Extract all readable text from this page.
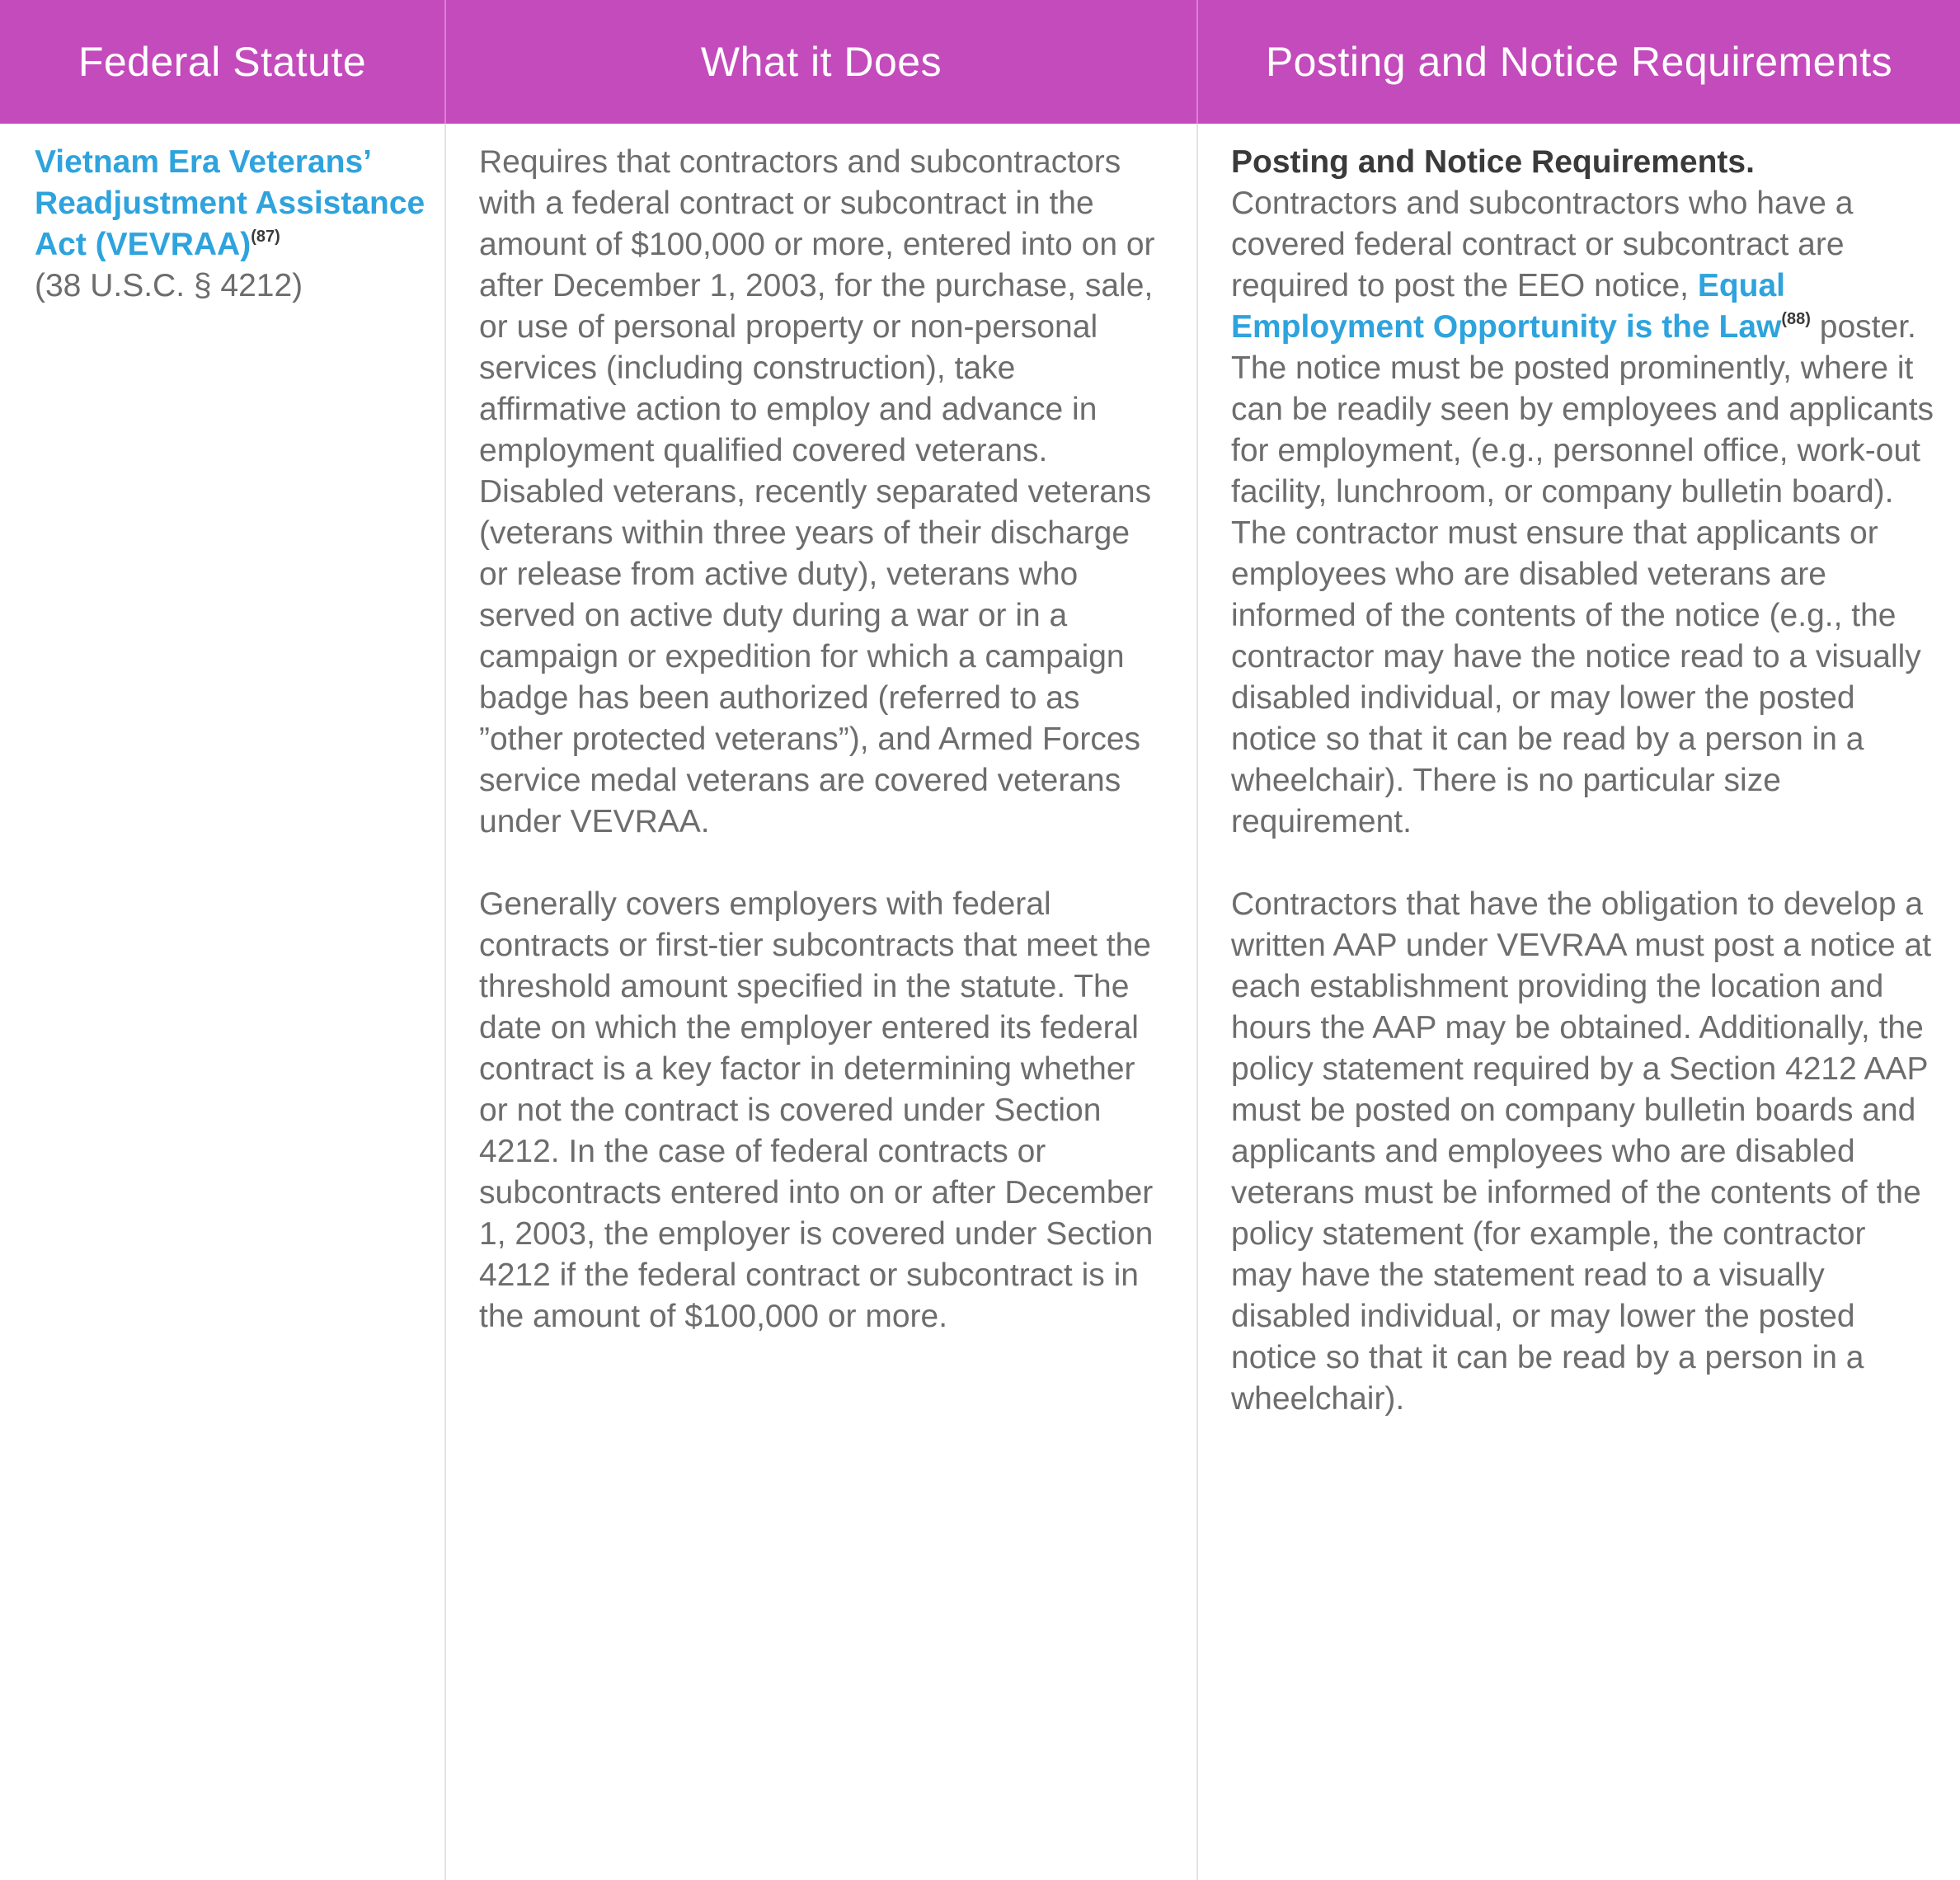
Federal Statute	What it Does	Posting and Notice Requirements
Vietnam Era Veterans’ Readjustment Assistance Act (VEVRAA)$^{(87)}$
(38 U.S.C. § 4212)

Requires that contractors and subcontractors with a federal contract or subcontract in the amount of $100,000 or more, entered into on or after December 1, 2003, for the purchase, sale, or use of personal property or non-personal services (including construction), take affirmative action to employ and advance in employment qualified covered veterans. Disabled veterans, recently separated veterans (veterans within three years of their discharge or release from active duty), veterans who served on active duty during a war or in a campaign or expedition for which a campaign badge has been authorized (referred to as ”other protected veterans”), and Armed Forces service medal veterans are covered veterans under VEVRAA.

Generally covers employers with federal contracts or first-tier subcontracts that meet the threshold amount specified in the statute. The date on which the employer entered its federal contract is a key factor in determining whether or not the contract is covered under Section 4212. In the case of federal contracts or subcontracts entered into on or after December 1, 2003, the employer is covered under Section 4212 if the federal contract or subcontract is in the amount of $100,000 or more.

Posting and Notice Requirements.
Contractors and subcontractors who have a covered federal contract or subcontract are required to post the EEO notice, Equal Employment Opportunity is the Law$^{(88)}$ poster. The notice must be posted prominently, where it can be readily seen by employees and applicants for employment, (e.g., personnel office, work-out facility, lunchroom, or company bulletin board). The contractor must ensure that applicants or employees who are disabled veterans are informed of the contents of the notice (e.g., the contractor may have the notice read to a visually disabled individual, or may lower the posted notice so that it can be read by a person in a wheelchair). There is no particular size requirement.

Contractors that have the obligation to develop a written AAP under VEVRAA must post a notice at each establishment providing the location and hours the AAP may be obtained. Additionally, the policy statement required by a Section 4212 AAP must be posted on company bulletin boards and applicants and employees who are disabled veterans must be informed of the contents of the policy statement (for example, the contractor may have the statement read to a visually disabled individual, or may lower the posted notice so that it can be read by a person in a wheelchair).
